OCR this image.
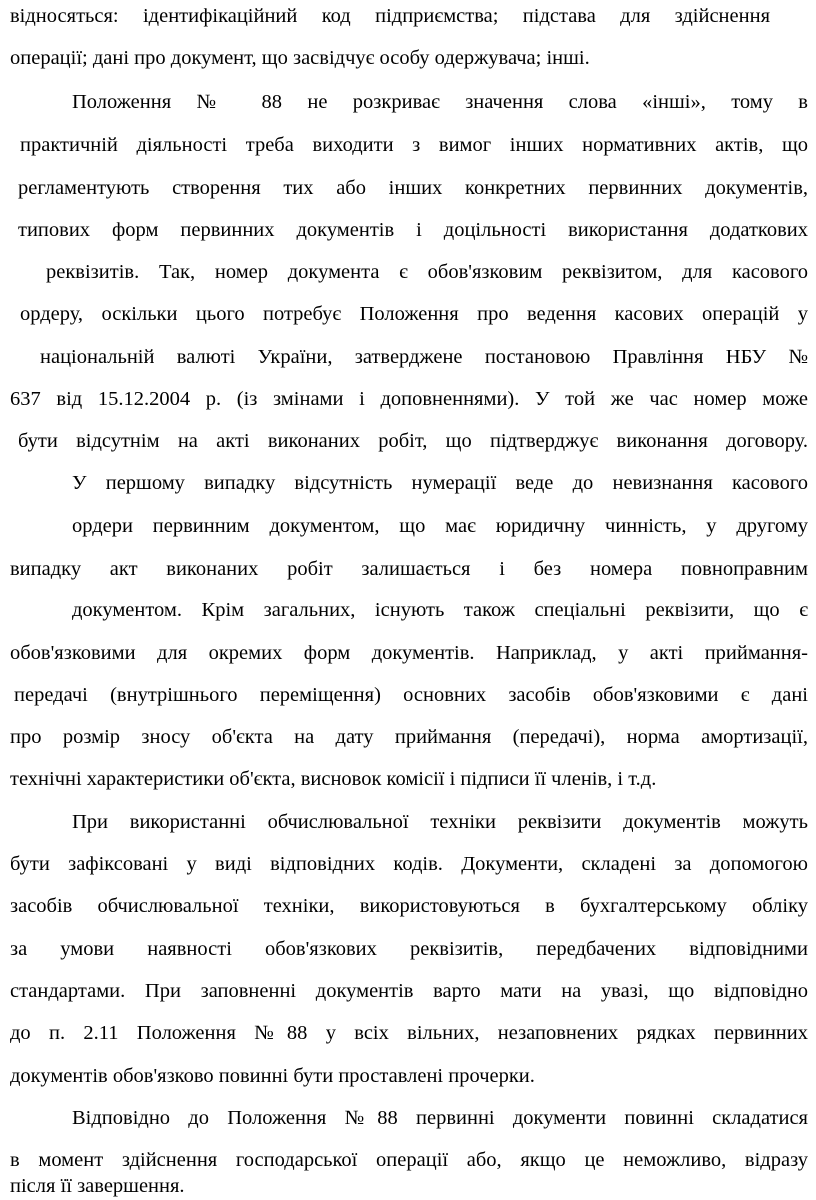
відносяться: ідентифікаційний код підприємства; підстава для здійснення
операції; дані про документ, що засвідчує особу одержувача; інші.
Положення № 88 не розкриває значення слова «інші», тому в
практичній діяльності треба виходити з вимог інших нормативних актів, що
регламентують створення тих або інших конкретних первинних документів,
типових форм первинних документів і доцільності використання додаткових
реквізитів. Так, номер документа є обов'язковим реквізитом, для касового
ордеру, оскільки цього потребує Положення про ведення касових операцій у
національній валюті України, затверджене постановою Правління НБУ №
637 від 15.12.2004 р. (із змінами і доповненнями). У той же час номер може
бути відсутнім на акті виконаних робіт, що підтверджує виконання договору.
У першому випадку відсутність нумерації веде до невизнання касового
ордери первинним документом, що має юридичну чинність, у другому
випадку акт виконаних робіт залишається і без номера повноправним
документом. Крім загальних, існують також спеціальні реквізити, що є
обов'язковими для окремих форм документів. Наприклад, у акті приймання-
передачі (внутрішнього переміщення) основних засобів обов'язковими є дані
про розмір зносу об'єкта на дату приймання (передачі), норма амортизації,
технічні характеристики об'єкта, висновок комісії і підписи її членів, і т.д.
При використанні обчислювальної техніки реквізити документів можуть
бути зафіксовані у виді відповідних кодів. Документи, складені за допомогою
засобів обчислювальної техніки, використовуються в бухгалтерському обліку
за умови наявності обов'язкових реквізитів, передбачених відповідними
стандартами. При заповненні документів варто мати на увазі, що відповідно
до п. 2.11 Положення №88 у всіх вільних, незаповнених рядках первинних
документів обов'язково повинні бути проставлені прочерки.
Відповідно до Положення №88 первинні документи повинні складатися
в момент здійснення господарської операції або, якщо це неможливо, відразу
після її завершення.
